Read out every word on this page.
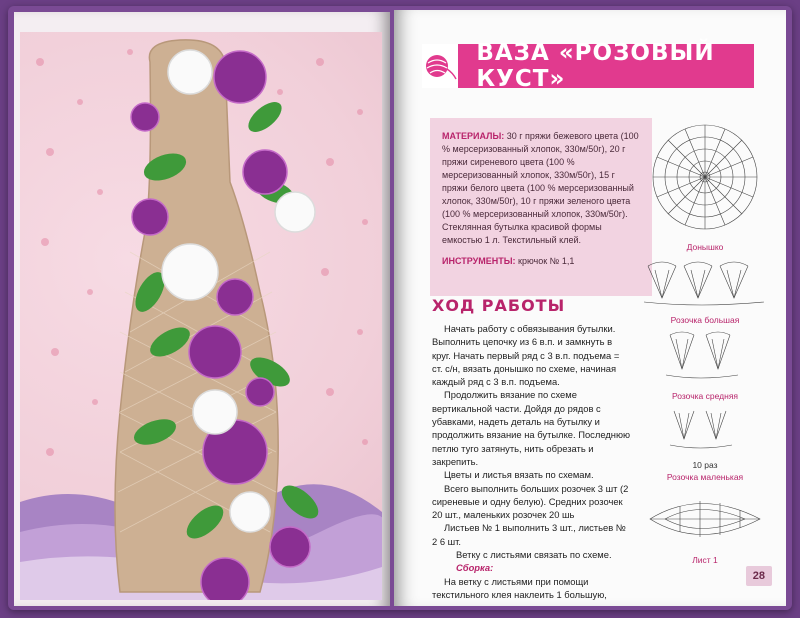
ВАЗА «РОЗОВЫЙ КУСТ»

МАТЕРИАЛЫ: 30 г пряжи бежевого цвета (100 % мерсеризованный хлопок, 330м/50г), 20 г пряжи сиреневого цвета (100 % мерсеризованный хлопок, 330м/50г), 15 г пряжи белого цвета (100 % мерсеризованный хлопок, 330м/50г), 10 г пряжи зеленого цвета (100 % мерсеризованный хлопок, 330м/50г). Стеклянная бутылка красивой формы емкостью 1 л. Текстильный клей.

ИНСТРУМЕНТЫ: крючок № 1,1

ХОД РАБОТЫ

Начать работу с обвязывания бутылки. Выполнить цепочку из 6 в.п. и замкнуть в круг. Начать первый ряд с 3 в.п. подъема = ст. с/н, вязать донышко по схеме, начиная каждый ряд с 3 в.п. подъема.

Продолжить вязание по схеме вертикальной части. Дойдя до рядов с убавками, надеть деталь на бутылку и продолжить вязание на бутылке. Последнюю петлю туго затянуть, нить обрезать и закрепить.

Цветы и листья вязать по схемам.

Всего выполнить больших розочек 3 шт (2 сиреневые и одну белую). Средних розочек 20 шт., маленьких розочек 20 шь

Листьев № 1 выполнить 3 шт., листьев № 2 6 шт.

Ветку с листьями связать по схеме.

Сборка:

На ветку с листьями при помощи текстильного клея наклеить 1 большую,

Донышко
Розочка большая
Розочка средняя
10 раз
Розочка маленькая
Лист 1
28
